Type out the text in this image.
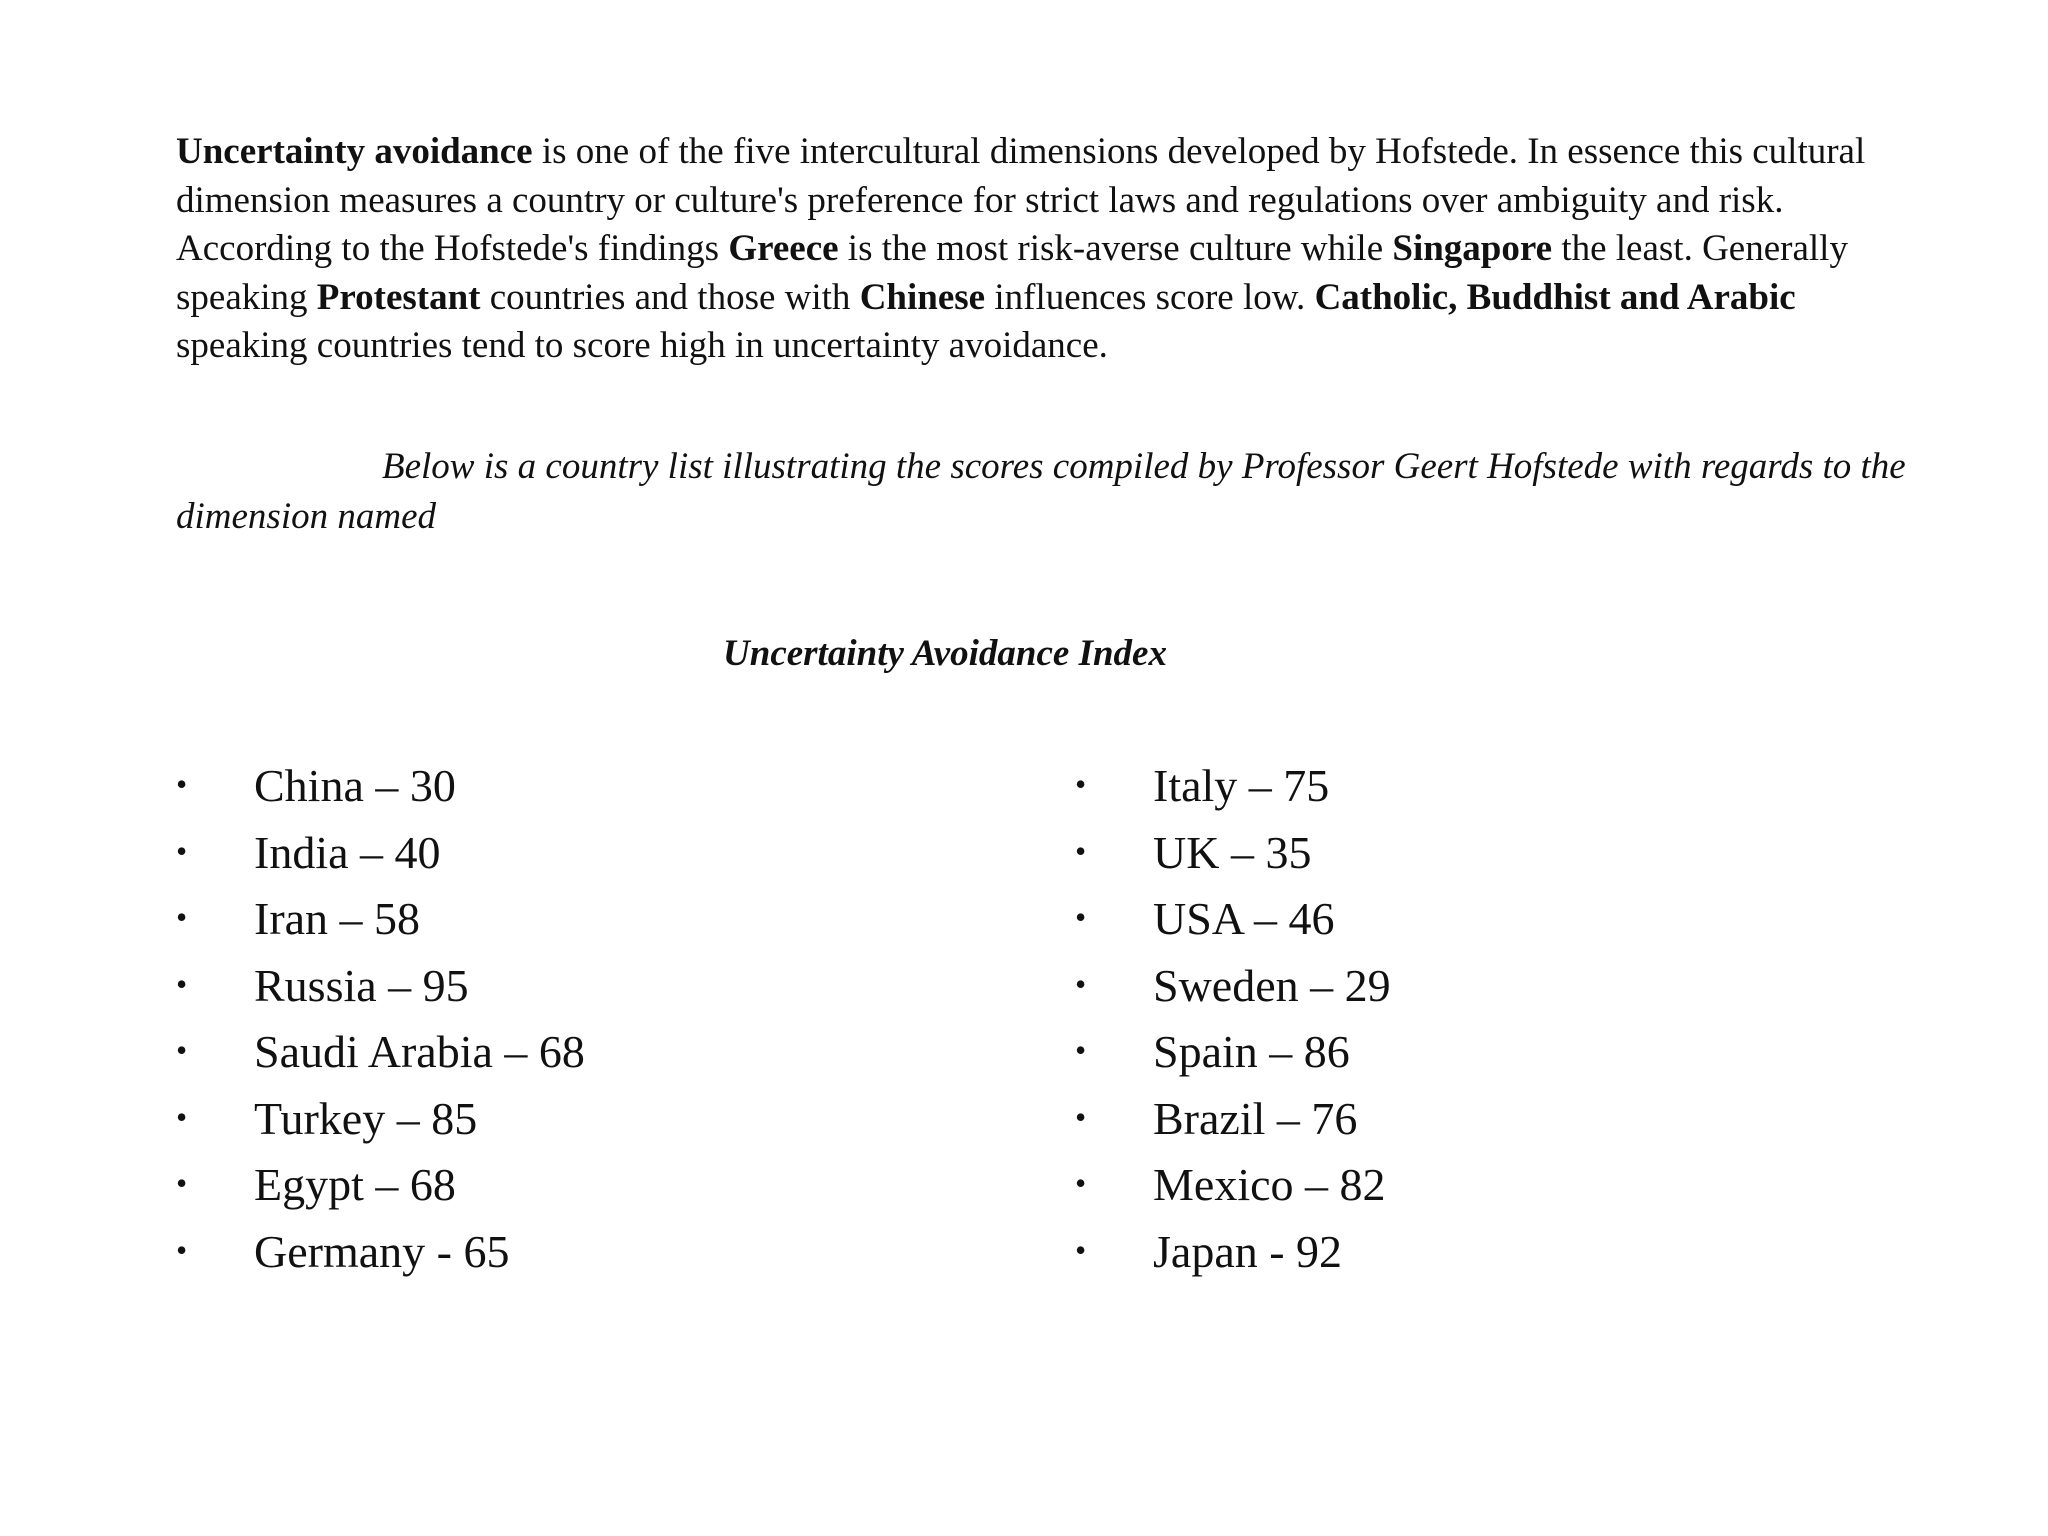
Uncertainty avoidance is one of the five intercultural dimensions developed by Hofstede. In essence this cultural dimension measures a country or culture's preference for strict laws and regulations over ambiguity and risk. According to the Hofstede's findings Greece is the most risk-averse culture while Singapore the least. Generally speaking Protestant countries and those with Chinese influences score low. Catholic, Buddhist and Arabic speaking countries tend to score high in uncertainty avoidance.

Below is a country list illustrating the scores compiled by Professor Geert Hofstede with regards to the dimension named

Uncertainty Avoidance Index
• China – 30
• India – 40
• Iran – 58
• Russia – 95
• Saudi Arabia – 68
• Turkey – 85
• Egypt – 68
• Germany - 65
• Italy – 75
• UK – 35
• USA – 46
• Sweden – 29
• Spain – 86
• Brazil – 76
• Mexico – 82
• Japan - 92
